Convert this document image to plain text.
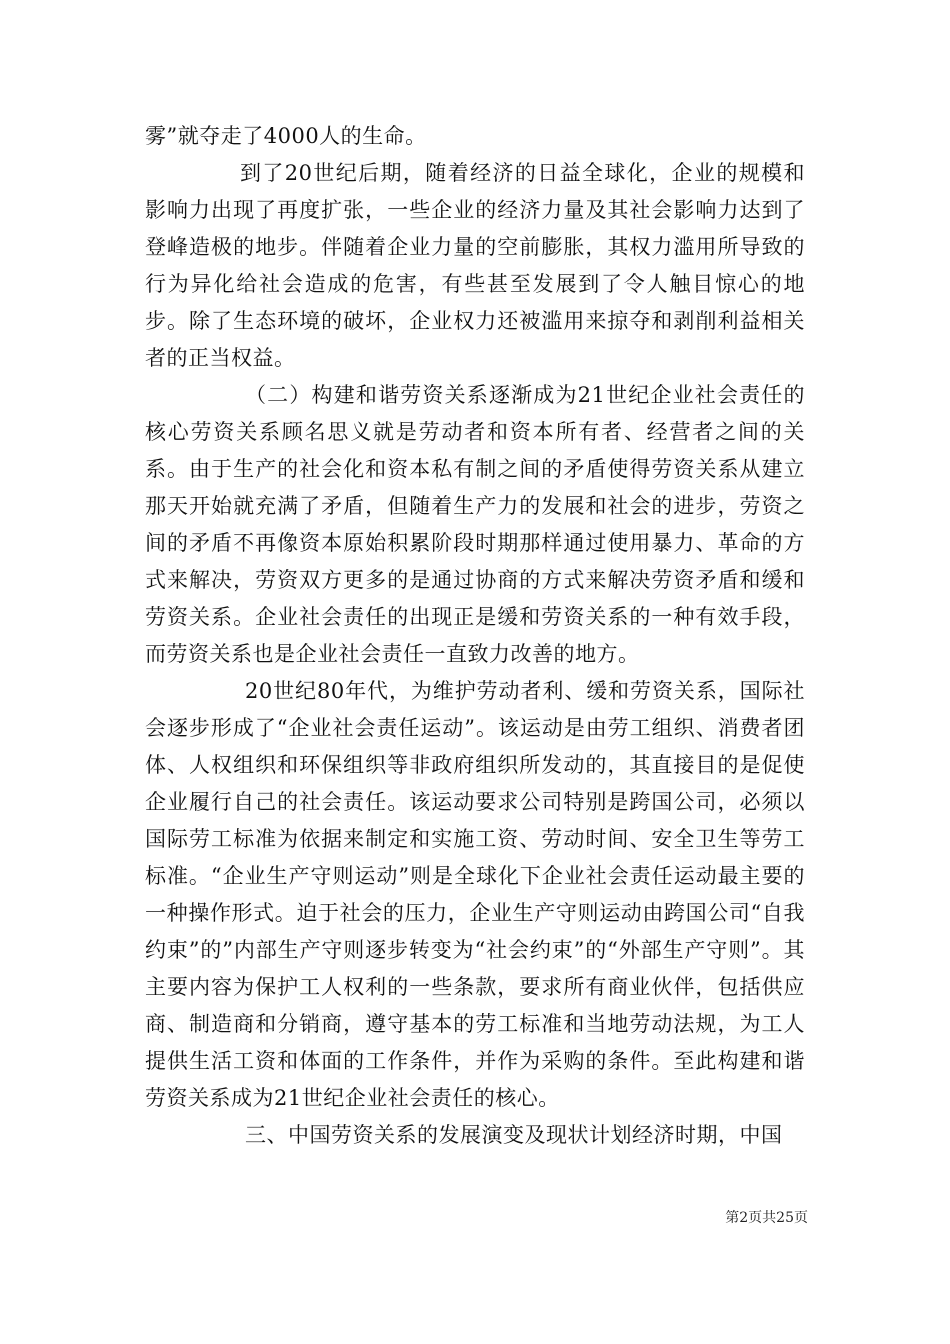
雾”就夺走了4000人的生命。

到了20世纪后期，随着经济的日益全球化，企业的规模和影响力出现了再度扩张，一些企业的经济力量及其社会影响力达到了登峰造极的地步。伴随着企业力量的空前膨胀，其权力滥用所导致的行为异化给社会造成的危害，有些甚至发展到了令人触目惊心的地步。除了生态环境的破坏，企业权力还被滥用来掠夺和剥削利益相关者的正当权益。

（二）构建和谐劳资关系逐渐成为21世纪企业社会责任的核心劳资关系顾名思义就是劳动者和资本所有者、经营者之间的关系。由于生产的社会化和资本私有制之间的矛盾使得劳资关系从建立那天开始就充满了矛盾，但随着生产力的发展和社会的进步，劳资之间的矛盾不再像资本原始积累阶段时期那样通过使用暴力、革命的方式来解决，劳资双方更多的是通过协商的方式来解决劳资矛盾和缓和劳资关系。企业社会责任的出现正是缓和劳资关系的一种有效手段，而劳资关系也是企业社会责任一直致力改善的地方。

20世纪80年代，为维护劳动者利、缓和劳资关系，国际社会逐步形成了“企业社会责任运动”。该运动是由劳工组织、消费者团体、人权组织和环保组织等非政府组织所发动的，其直接目的是促使企业履行自己的社会责任。该运动要求公司特别是跨国公司，必须以国际劳工标准为依据来制定和实施工资、劳动时间、安全卫生等劳工标准。“企业生产守则运动”则是全球化下企业社会责任运动最主要的一种操作形式。迫于社会的压力，企业生产守则运动由跨国公司“自我约束”的”内部生产守则逐步转变为“社会约束”的“外部生产守则”。其主要内容为保护工人权利的一些条款，要求所有商业伙伴，包括供应商、制造商和分销商，遵守基本的劳工标准和当地劳动法规，为工人提供生活工资和体面的工作条件，并作为采购的条件。至此构建和谐劳资关系成为21世纪企业社会责任的核心。

三、中国劳资关系的发展演变及现状计划经济时期，中国

第2页共25页
